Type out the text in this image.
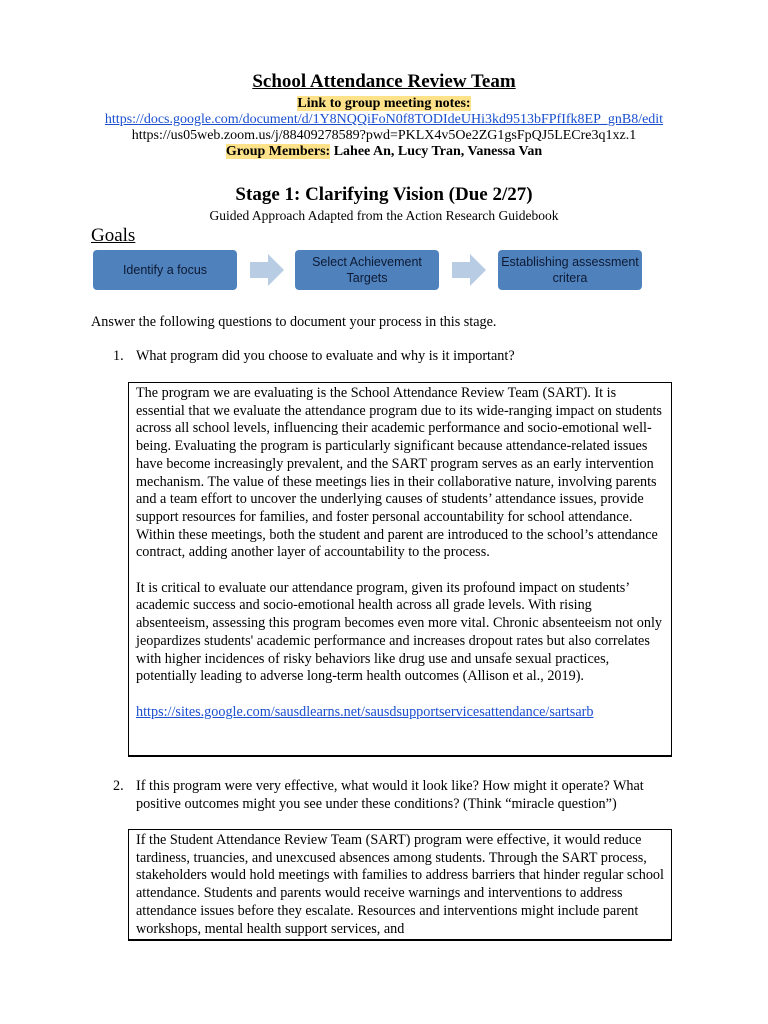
School Attendance Review Team
Link to group meeting notes:
https://docs.google.com/document/d/1Y8NQQiFoN0f8TODIdeUHi3kd9513bFPfIfk8EP_gnB8/edit
https://us05web.zoom.us/j/88409278589?pwd=PKLX4v5Oe2ZG1gsFpQJ5LECre3q1xz.1
Group Members: Lahee An, Lucy Tran, Vanessa Van
Stage 1: Clarifying Vision (Due 2/27)
Guided Approach Adapted from the Action Research Guidebook
Goals
Identify a focus
Select Achievement Targets
Establishing assessment critera
Answer the following questions to document your process in this stage.
1. What program did you choose to evaluate and why is it important?

The program we are evaluating is the School Attendance Review Team (SART). It is essential that we evaluate the attendance program due to its wide-ranging impact on students across all school levels, influencing their academic performance and socio-emotional well-being. Evaluating the program is particularly significant because attendance-related issues have become increasingly prevalent, and the SART program serves as an early intervention mechanism. The value of these meetings lies in their collaborative nature, involving parents and a team effort to uncover the underlying causes of students’ attendance issues, provide support resources for families, and foster personal accountability for school attendance. Within these meetings, both the student and parent are introduced to the school’s attendance contract, adding another layer of accountability to the process.

It is critical to evaluate our attendance program, given its profound impact on students’ academic success and socio-emotional health across all grade levels. With rising absenteeism, assessing this program becomes even more vital. Chronic absenteeism not only jeopardizes students' academic performance and increases dropout rates but also correlates with higher incidences of risky behaviors like drug use and unsafe sexual practices, potentially leading to adverse long-term health outcomes (Allison et al., 2019).

https://sites.google.com/sausdlearns.net/sausdsupportservicesattendance/sartsarb

2. If this program were very effective, what would it look like? How might it operate? What positive outcomes might you see under these conditions? (Think “miracle question”)

If the Student Attendance Review Team (SART) program were effective, it would reduce tardiness, truancies, and unexcused absences among students. Through the SART process, stakeholders would hold meetings with families to address barriers that hinder regular school attendance. Students and parents would receive warnings and interventions to address attendance issues before they escalate. Resources and interventions might include parent workshops, mental health support services, and
